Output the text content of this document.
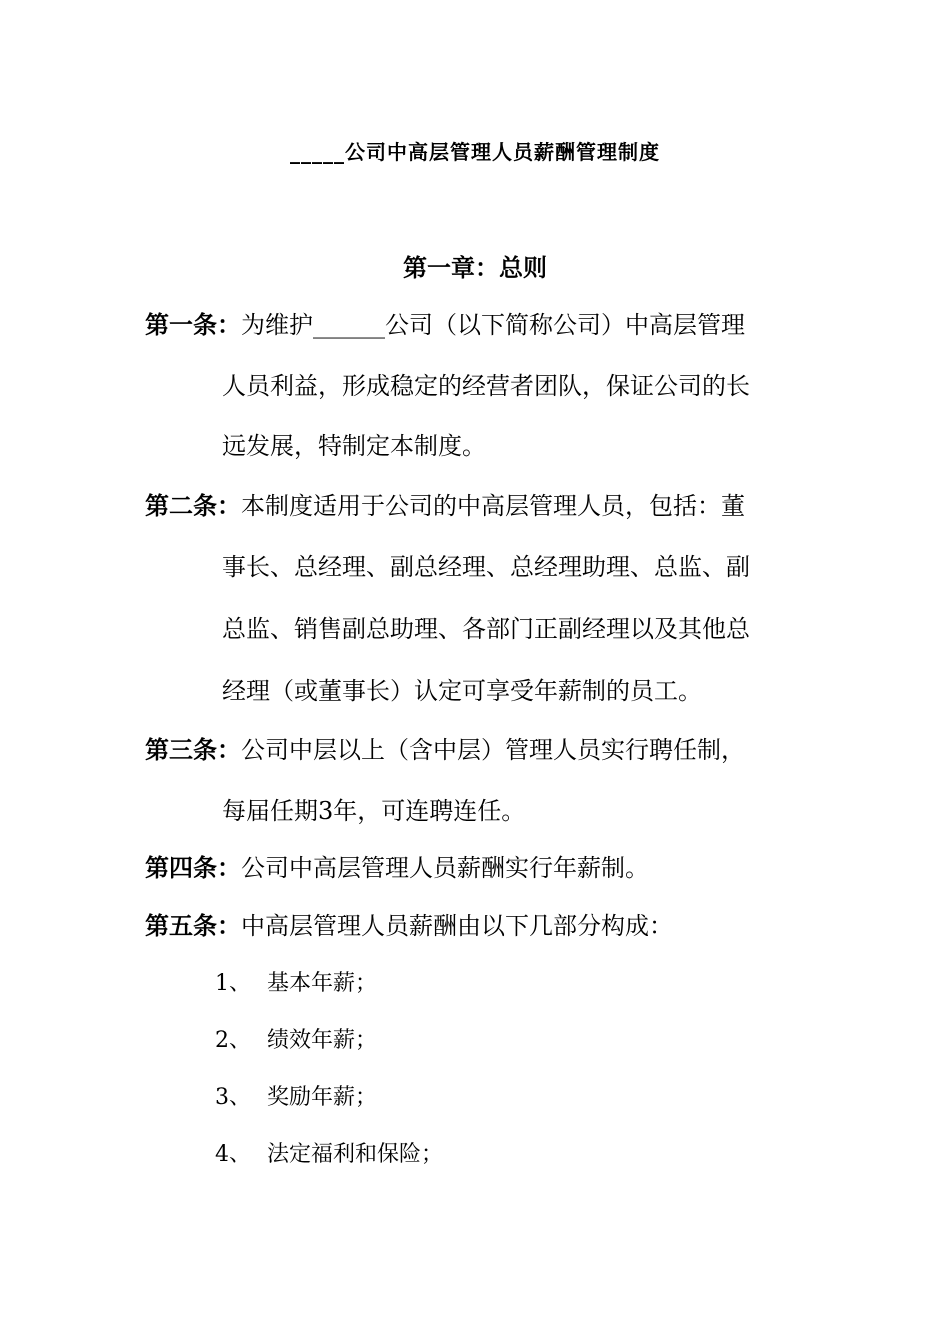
_____公司中高层管理人员薪酬管理制度
第一章：总则
第一条：为维护______公司（以下简称公司）中高层管理
人员利益，形成稳定的经营者团队，保证公司的长
远发展，特制定本制度。
第二条：本制度适用于公司的中高层管理人员，包括：董
事长、总经理、副总经理、总经理助理、总监、副
总监、销售副总助理、各部门正副经理以及其他总
经理（或董事长）认定可享受年薪制的员工。
第三条：公司中层以上（含中层）管理人员实行聘任制，
每届任期3年，可连聘连任。
第四条：公司中高层管理人员薪酬实行年薪制。
第五条：中高层管理人员薪酬由以下几部分构成：
1、 基本年薪；
2、 绩效年薪；
3、 奖励年薪；
4、 法定福利和保险；
